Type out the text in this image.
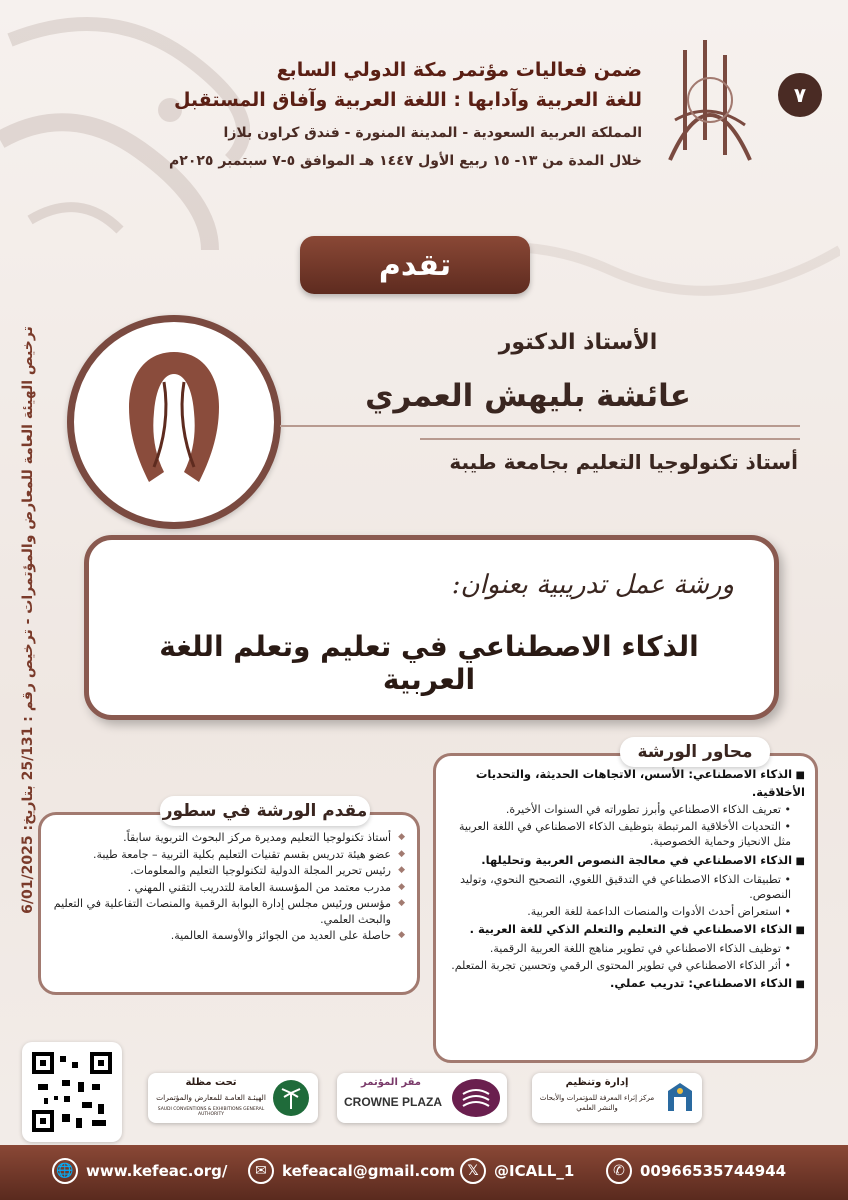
ترخيص الهيئة العامة للمعارض والمؤتمرات - ترخيص رقم : 25/131 بتاريخ: 6/01/2025
٧
ضمن فعاليات مؤتمر مكة الدولي السابع
للغة العربية وآدابها : اللغة العربية وآفاق المستقبل
المملكة العربية السعودية - المدينة المنورة - فندق كراون بلازا
خلال المدة من ١٣- ١٥ ربيع الأول ١٤٤٧ هـ الموافق ٥-٧ سبتمبر ٢٠٢٥م
تقدم
الأستاذ الدكتور
عائشة بليهش العمري
أستاذ تكنولوجيا التعليم بجامعة طيبة
ورشة عمل تدريبية بعنوان:
الذكاء الاصطناعي في تعليم وتعلم اللغة العربية
■ الذكاء الاصطناعي: الأسس، الاتجاهات الحديثة، والتحديات الأخلاقية.
• تعريف الذكاء الاصطناعي وأبرز تطوراته في السنوات الأخيرة.
• التحديات الأخلاقية المرتبطة بتوظيف الذكاء الاصطناعي في اللغة العربية مثل الانحياز وحماية الخصوصية.
■ الذكاء الاصطناعي في معالجة النصوص العربية وتحليلها.
• تطبيقات الذكاء الاصطناعي في التدقيق اللغوي، التصحيح النحوي، وتوليد النصوص.
• استعراض أحدث الأدوات والمنصات الداعمة للغة العربية.
■ الذكاء الاصطناعي في التعليم والتعلم الذكي للغة العربية .
• توظيف الذكاء الاصطناعي في تطوير مناهج اللغة العربية الرقمية.
• أثر الذكاء الاصطناعي في تطوير المحتوى الرقمي وتحسين تجربة المتعلم.
■ الذكاء الاصطناعي: تدريب عملي.
محاور الورشة
◆ أستاذ تكنولوجيا التعليم ومديرة مركز البحوث التربوية سابقاً.
◆ عضو هيئة تدريس بقسم تقنيات التعليم بكلية التربية – جامعة طيبة.
◆ رئيس تحرير المجلة الدولية لتكنولوجيا التعليم والمعلومات.
◆ مدرب معتمد من المؤسسة العامة للتدريب التقني المهني .
◆ مؤسس ورئيس مجلس إدارة البوابة الرقمية والمنصات التفاعلية في التعليم والبحث العلمي.
◆ حاصلة على العديد من الجوائز والأوسمة العالمية.
مقدم الورشة في سطور
تحت مظلة
الهيئـة العامـة للمعارض والمؤتمرات
SAUDI CONVENTIONS & EXHIBITIONS GENERAL AUTHORITY
مقر المؤتمر
CROWNE PLAZA
إدارة وتنظيم
مركز إثراء المعرفة للمؤتمرات والأبحاث والنشر العلمي
🌐 www.kefeac.org/	✉	kefeacal@gmail.com 𝕏	@ICALL_1	✆	00966535744944
